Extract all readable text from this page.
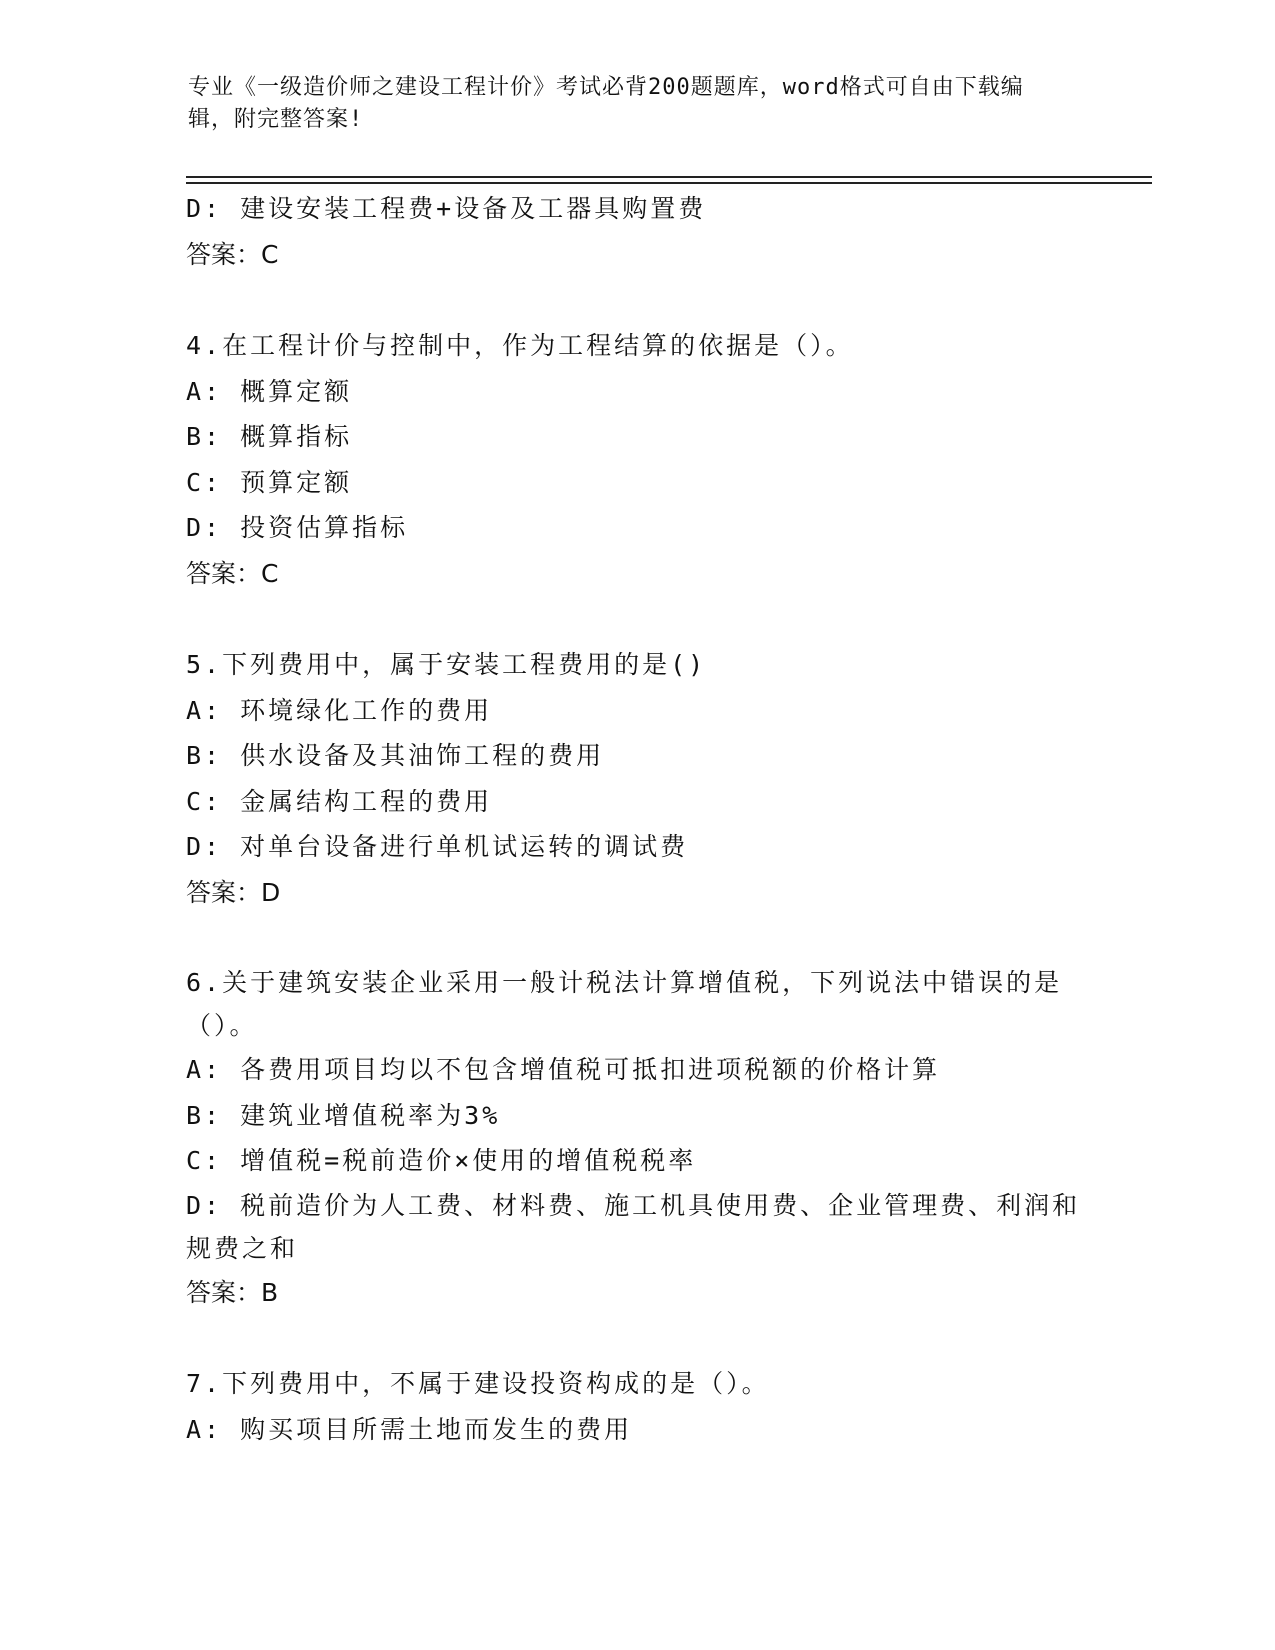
专业《一级造价师之建设工程计价》考试必背200题题库，word格式可自由下载编辑，附完整答案!
D: 建设安装工程费+设备及工器具购置费
答案：C
4.在工程计价与控制中，作为工程结算的依据是（）。
A: 概算定额
B: 概算指标
C: 预算定额
D: 投资估算指标
答案：C
5.下列费用中，属于安装工程费用的是()
A: 环境绿化工作的费用
B: 供水设备及其油饰工程的费用
C: 金属结构工程的费用
D: 对单台设备进行单机试运转的调试费
答案：D
6.关于建筑安装企业采用一般计税法计算增值税，下列说法中错误的是（）。
A: 各费用项目均以不包含增值税可抵扣进项税额的价格计算
B: 建筑业增值税率为3%
C: 增值税=税前造价×使用的增值税税率
D: 税前造价为人工费、材料费、施工机具使用费、企业管理费、利润和规费之和
答案：B
7.下列费用中，不属于建设投资构成的是（）。
A: 购买项目所需土地而发生的费用
